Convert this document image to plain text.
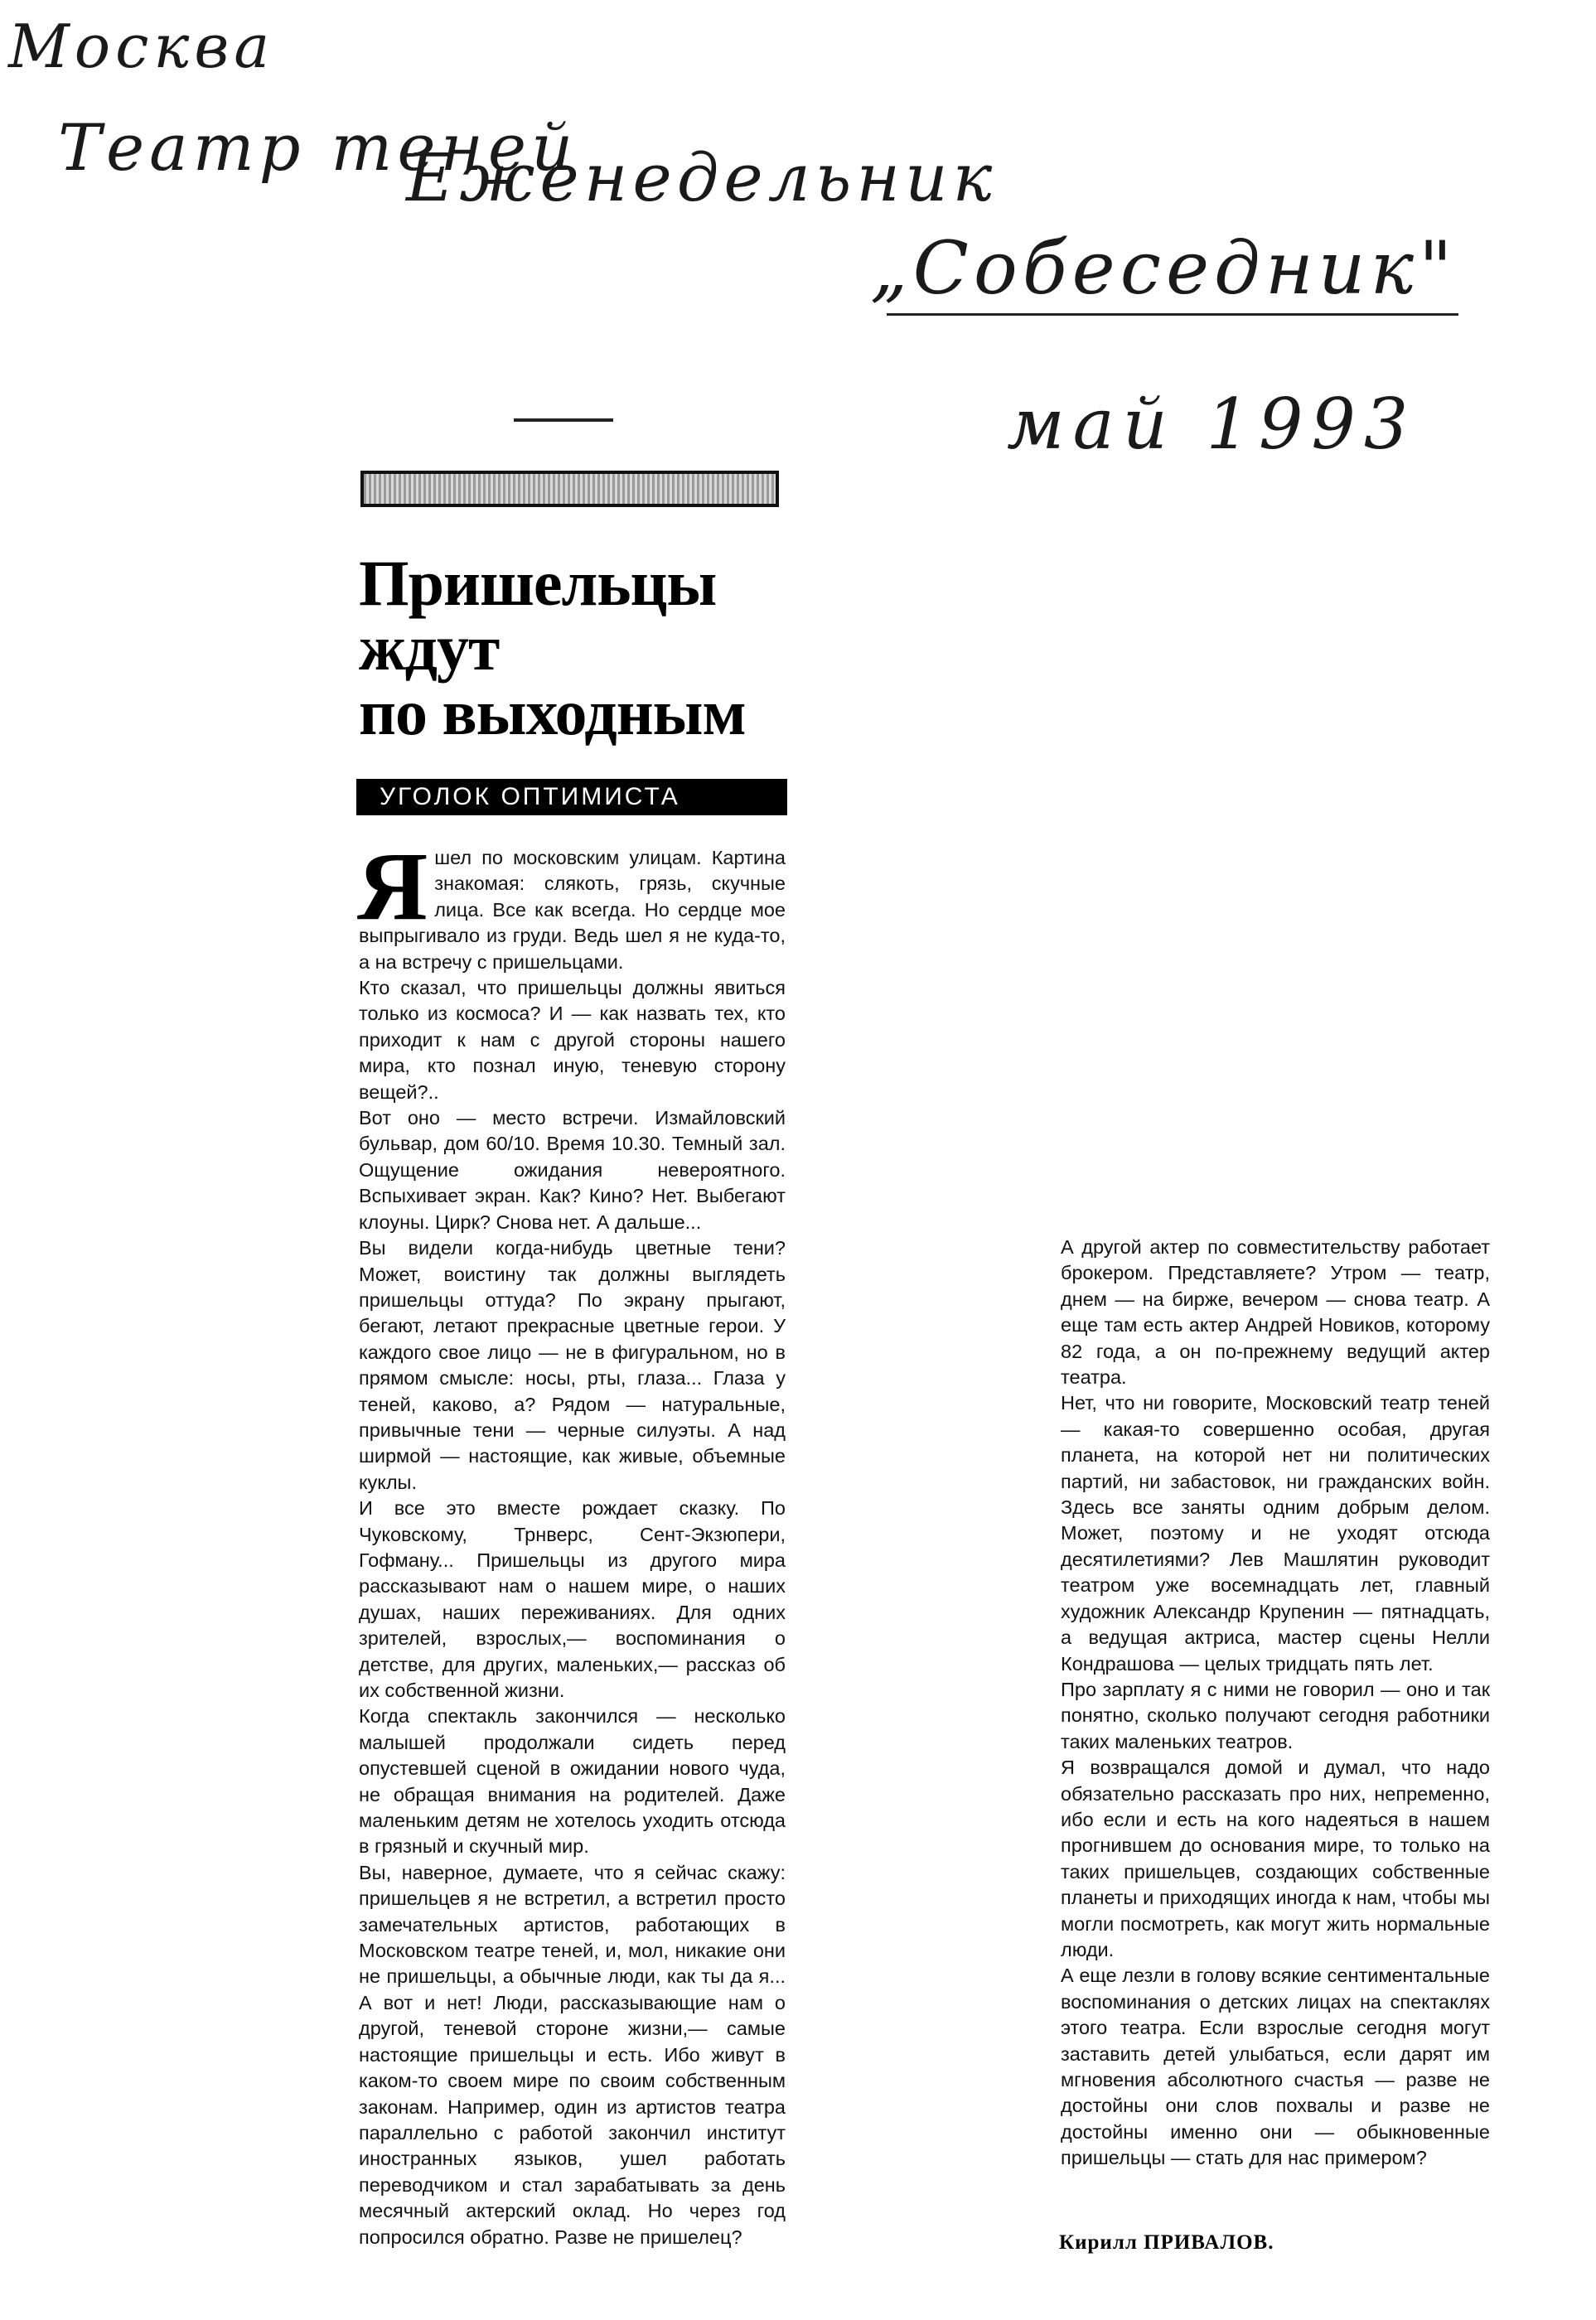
Москва
Театр теней
Еженедельник
„Собеседник"
май 1993
Пришельцы
ждут
по выходным
УГОЛОК ОПТИМИСТА

Яшел по московским улицам. Картина знакомая: слякоть, грязь, скучные лица. Все как всегда. Но сердце мое выпрыгивало из груди. Ведь шел я не куда-то, а на встречу с пришельцами.

Кто сказал, что пришельцы должны явиться только из космоса? И — как назвать тех, кто приходит к нам с другой стороны нашего мира, кто познал иную, теневую сторону вещей?..

Вот оно — место встречи. Измайловский бульвар, дом 60/10. Время 10.30. Темный зал. Ощущение ожидания невероятного. Вспыхивает экран. Как? Кино? Нет. Выбегают клоуны. Цирк? Снова нет. А дальше...

Вы видели когда-нибудь цветные тени? Может, воистину так должны выглядеть пришельцы оттуда? По экрану прыгают, бегают, летают прекрасные цветные герои. У каждого свое лицо — не в фигуральном, но в прямом смысле: носы, рты, глаза... Глаза у теней, каково, а? Рядом — натуральные, привычные тени — черные силуэты. А над ширмой — настоящие, как живые, объемные куклы.

И все это вместе рождает сказку. По Чуковскому, Трнверс, Сент-Экзюпери, Гофману... Пришельцы из другого мира рассказывают нам о нашем мире, о наших душах, наших переживаниях. Для одних зрителей, взрослых,— воспоминания о детстве, для других, маленьких,— рассказ об их собственной жизни.

Когда спектакль закончился — несколько малышей продолжали сидеть перед опустевшей сценой в ожидании нового чуда, не обращая внимания на родителей. Даже маленьким детям не хотелось уходить отсюда в грязный и скучный мир.

Вы, наверное, думаете, что я сейчас скажу: пришельцев я не встретил, а встретил просто замечательных артистов, работающих в Московском театре теней, и, мол, никакие они не пришельцы, а обычные люди, как ты да я... А вот и нет! Люди, рассказывающие нам о другой, теневой стороне жизни,— самые настоящие пришельцы и есть. Ибо живут в каком-то своем мире по своим собственным законам. Например, один из артистов театра параллельно с работой закончил институт иностранных языков, ушел работать переводчиком и стал зарабатывать за день месячный актерский оклад. Но через год попросился обратно. Разве не пришелец?

А другой актер по совместительству работает брокером. Представляете? Утром — театр, днем — на бирже, вечером — снова театр. А еще там есть актер Андрей Новиков, которому 82 года, а он по-прежнему ведущий актер театра.

Нет, что ни говорите, Московский театр теней — какая-то совершенно особая, другая планета, на которой нет ни политических партий, ни забастовок, ни гражданских войн. Здесь все заняты одним добрым делом. Может, поэтому и не уходят отсюда десятилетиями? Лев Машлятин руководит театром уже восемнадцать лет, главный художник Александр Крупенин — пятнадцать, а ведущая актриса, мастер сцены Нелли Кондрашова — целых тридцать пять лет.

Про зарплату я с ними не говорил — оно и так понятно, сколько получают сегодня работники таких маленьких театров.

Я возвращался домой и думал, что надо обязательно рассказать про них, непременно, ибо если и есть на кого надеяться в нашем прогнившем до основания мире, то только на таких пришельцев, создающих собственные планеты и приходящих иногда к нам, чтобы мы могли посмотреть, как могут жить нормальные люди.

А еще лезли в голову всякие сентиментальные воспоминания о детских лицах на спектаклях этого театра. Если взрослые сегодня могут заставить детей улыбаться, если дарят им мгновения абсолютного счастья — разве не достойны они слов похвалы и разве не достойны именно они — обыкновенные пришельцы — стать для нас примером?

Кирилл ПРИВАЛОВ.
